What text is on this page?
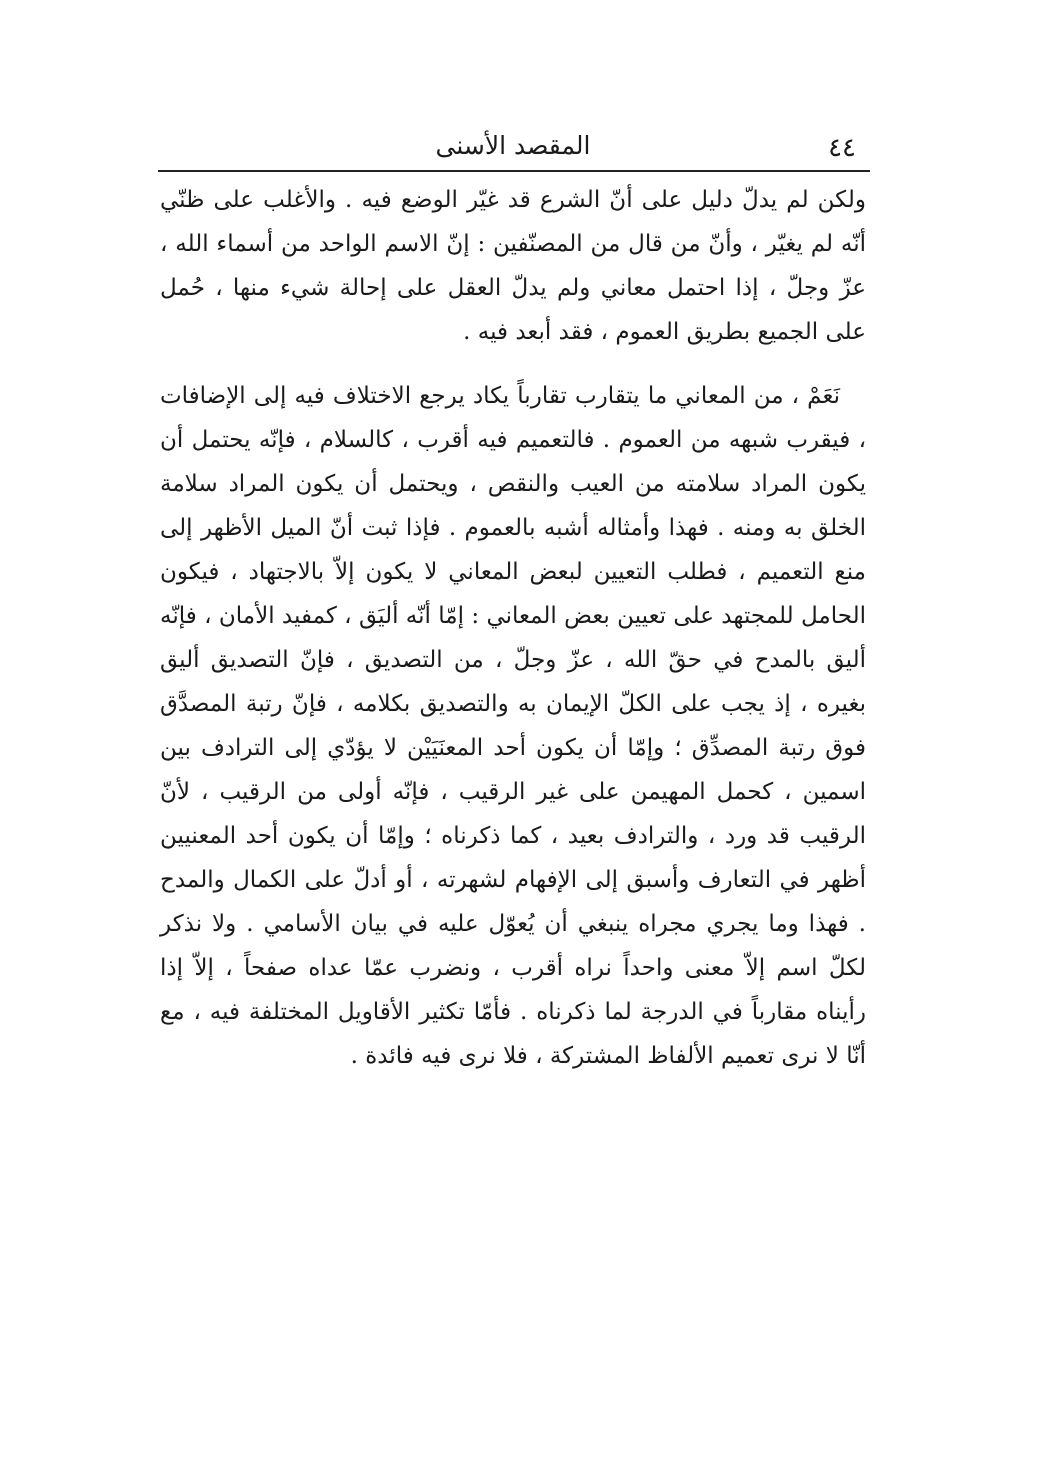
٤٤
المقصد الأسنى

ولكن لم يدلّ دليل على أنّ الشرع قد غيّر الوضع فيه . والأغلب على ظنّي أنّه لم يغيّر ، وأنّ من قال من المصنّفين : إنّ الاسم الواحد من أسماء الله ، عزّ وجلّ ، إذا احتمل معاني ولم يدلّ العقل على إحالة شيء منها ، حُمل على الجميع بطريق العموم ، فقد أبعد فيه .

نَعَمْ ، من المعاني ما يتقارب تقارباً يكاد يرجع الاختلاف فيه إلى الإضافات ، فيقرب شبهه من العموم . فالتعميم فيه أقرب ، كالسلام ، فإنّه يحتمل أن يكون المراد سلامته من العيب والنقص ، ويحتمل أن يكون المراد سلامة الخلق به ومنه . فهذا وأمثاله أشبه بالعموم . فإذا ثبت أنّ الميل الأظهر إلى منع التعميم ، فطلب التعيين لبعض المعاني لا يكون إلاّ بالاجتهاد ، فيكون الحامل للمجتهد على تعيين بعض المعاني : إمّا أنّه أليَق ، كمفيد الأمان ، فإنّه أليق بالمدح في حقّ الله ، عزّ وجلّ ، من التصديق ، فإنّ التصديق أليق بغيره ، إذ يجب على الكلّ الإيمان به والتصديق بكلامه ، فإنّ رتبة المصدَّق فوق رتبة المصدِّق ؛ وإمّا أن يكون أحد المعنَيَيْن لا يؤدّي إلى الترادف بين اسمين ، كحمل المهيمن على غير الرقيب ، فإنّه أولى من الرقيب ، لأنّ الرقيب قد ورد ، والترادف بعيد ، كما ذكرناه ؛ وإمّا أن يكون أحد المعنيين أظهر في التعارف وأسبق إلى الإفهام لشهرته ، أو أدلّ على الكمال والمدح . فهذا وما يجري مجراه ينبغي أن يُعوّل عليه في بيان الأسامي . ولا نذكر لكلّ اسم إلاّ معنى واحداً نراه أقرب ، ونضرب عمّا عداه صفحاً ، إلاّ إذا رأيناه مقارباً في الدرجة لما ذكرناه . فأمّا تكثير الأقاويل المختلفة فيه ، مع أنّا لا نرى تعميم الألفاظ المشتركة ، فلا نرى فيه فائدة .
